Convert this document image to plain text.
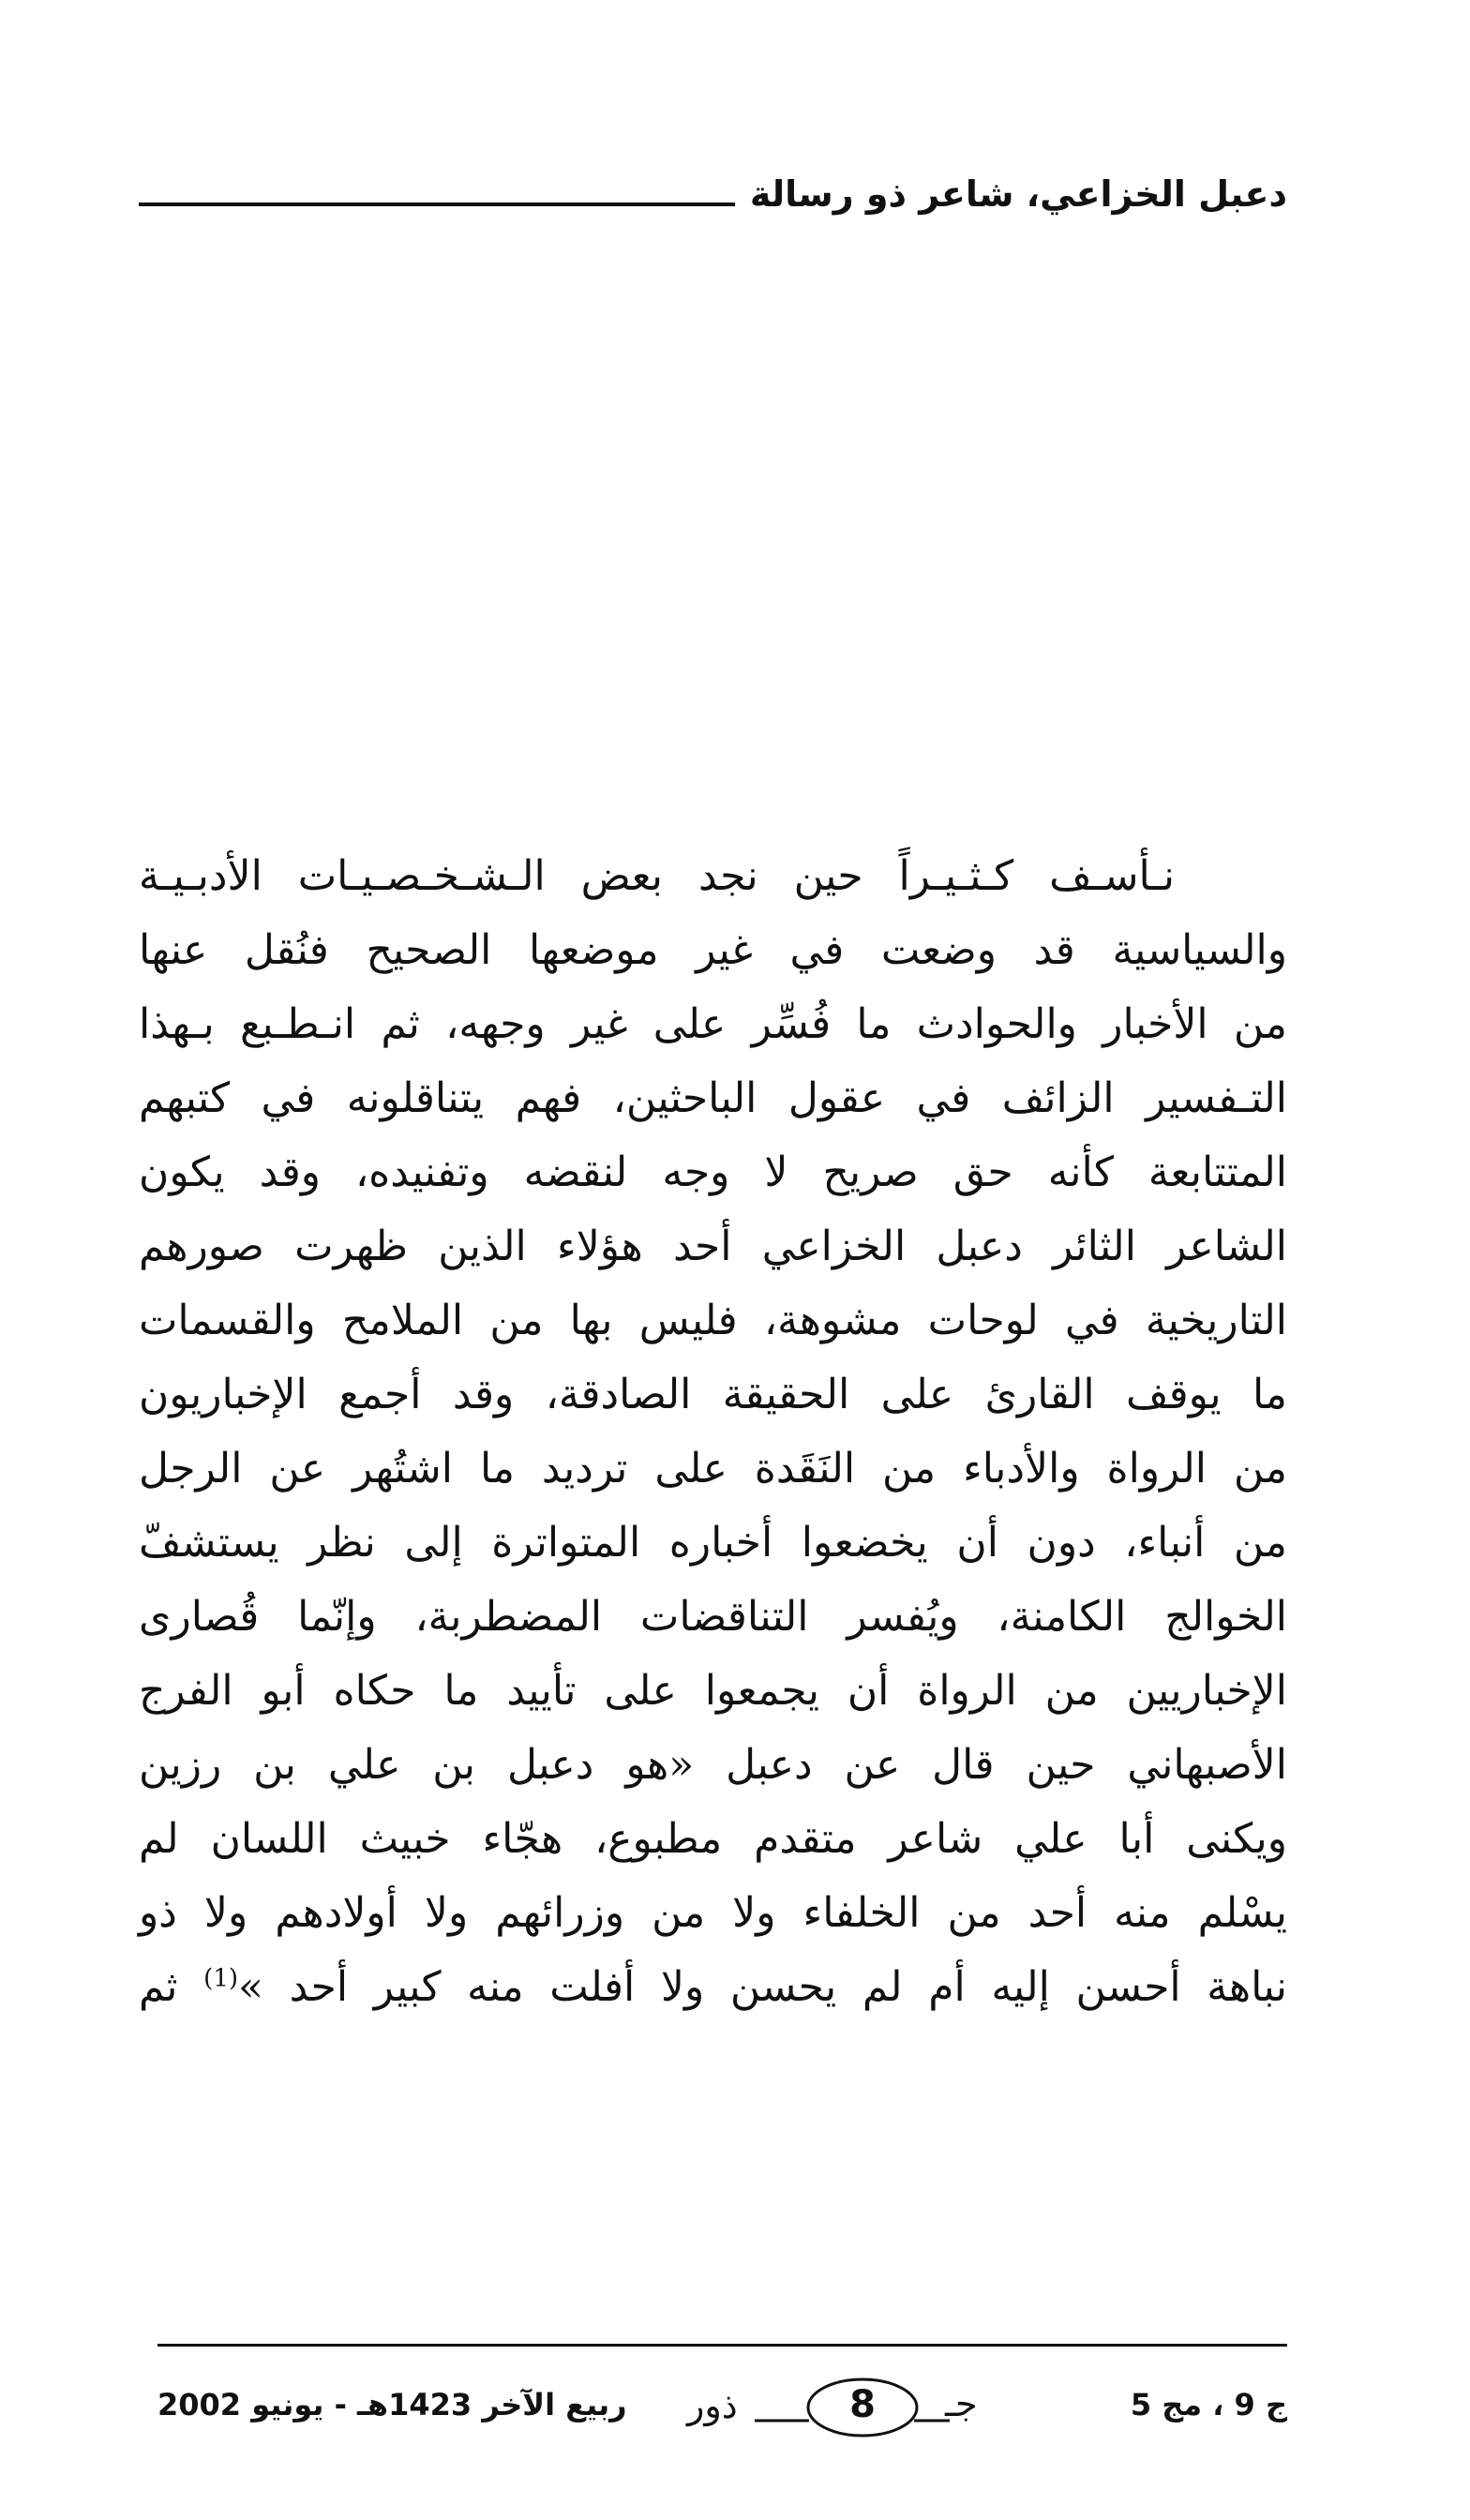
دعبل الخزاعي، شاعر ذو رسالة
نـأسـف كـثـيـراً حين نجد بعض الـشـخـصـيـات الأدبـيـة
والسياسية قد وضعت في غير موضعها الصحيح فنُقل عنها
من الأخبار والحوادث ما فُسِّر على غير وجهه، ثم انـطـبع بـهذا
التـفسير الزائف في عقول الباحثين، فهم يتناقلونه في كتبهم
المتتابعة كأنه حق صريح لا وجه لنقضه وتفنيده، وقد يكون
الشاعر الثائر دعبل الخزاعي أحد هؤلاء الذين ظهرت صورهم
التاريخية في لوحات مشوهة، فليس بها من الملامح والقسمات
ما يوقف القارئ على الحقيقة الصادقة، وقد أجمع الإخباريون
من الرواة والأدباء من النَقَدة على ترديد ما اشتُهر عن الرجل
من أنباء، دون أن يخضعوا أخباره المتواترة إلى نظر يستشفّ
الخوالج الكامنة، ويُفسر التناقضات المضطربة، وإنّما قُصارى
الإخباريين من الرواة أن يجمعوا على تأييد ما حكاه أبو الفرج
الأصبهاني حين قال عن دعبل «هو دعبل بن علي بن رزين
ويكنى أبا علي شاعر متقدم مطبوع، هجّاء خبيث اللسان لم
يسْلم منه أحد من الخلفاء ولا من وزرائهم ولا أولادهم ولا ذو
نباهة أحسن إليه أم لم يحسن ولا أفلت منه كبير أحد »$^{(1)}$ ثم
ربيع الآخر 1423هـ - يونيو 2002 ذور	8	جـ	ج 9 ، مج 5
